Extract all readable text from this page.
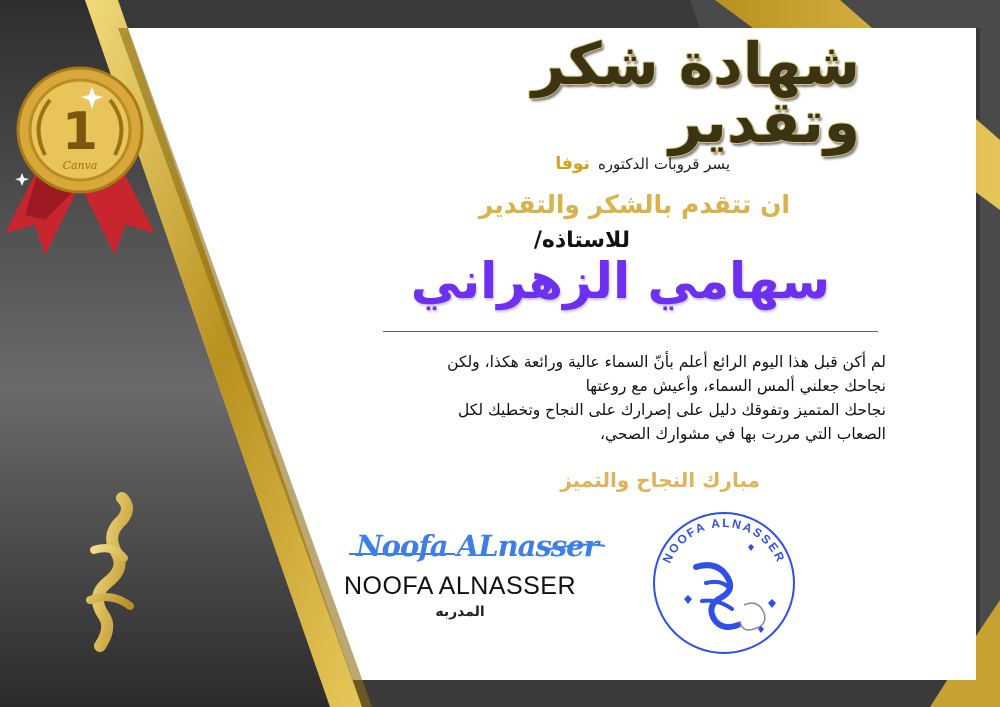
1
Canva
شهادة شكر وتقدير
يسر قروبات الدكتوره
نوفا
ان تتقدم بالشكر والتقدير
للاستاذه/
سهامي الزهراني

لم أكن قبل هذا اليوم الرائع أعلم بأنّ السماء عالية ورائعة هكذا، ولكن

نجاحك جعلني ألمس السماء، وأعيش مع روعتها

نجاحك المتميز وتفوقك دليل على إصرارك على النجاح وتخطيك لكل

الصعاب التي مررت بها في مشوارك الصحي،

مبارك النجاح والتميز
Noofa ALnasser
NOOFA ALNASSER
المدربه
NOOFA ALNASSER
